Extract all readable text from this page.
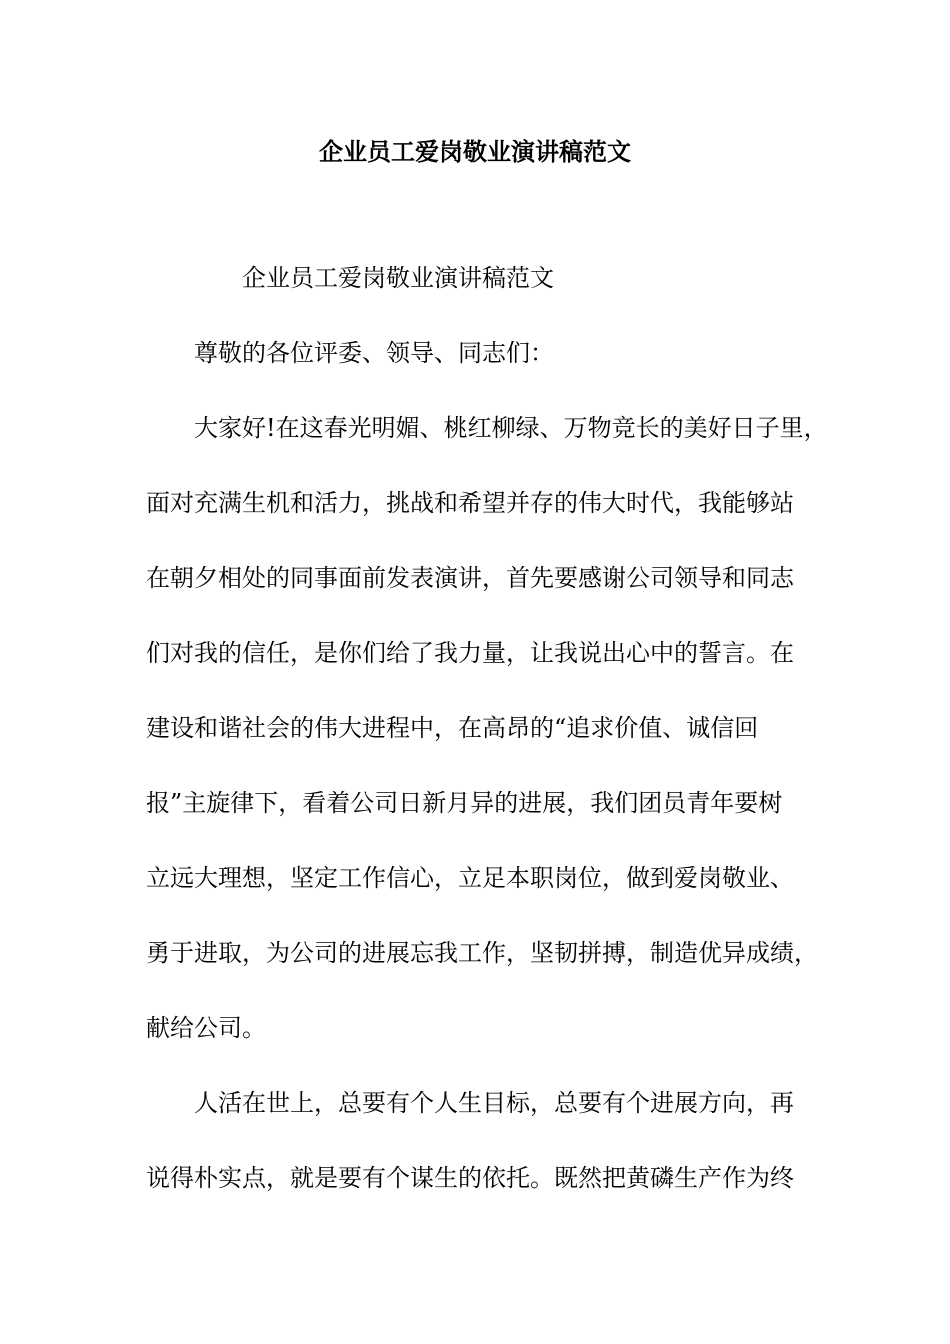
企业员工爱岗敬业演讲稿范文
企业员工爱岗敬业演讲稿范文
尊敬的各位评委、领导、同志们：
大家好!在这春光明媚、桃红柳绿、万物竞长的美好日子里，
面对充满生机和活力，挑战和希望并存的伟大时代，我能够站
在朝夕相处的同事面前发表演讲，首先要感谢公司领导和同志
们对我的信任，是你们给了我力量，让我说出心中的誓言。在
建设和谐社会的伟大进程中，在高昂的“追求价值、诚信回
报”主旋律下，看着公司日新月异的进展，我们团员青年要树
立远大理想，坚定工作信心，立足本职岗位，做到爱岗敬业、
勇于进取，为公司的进展忘我工作，坚韧拼搏，制造优异成绩，
献给公司。
人活在世上，总要有个人生目标，总要有个进展方向，再
说得朴实点，就是要有个谋生的依托。既然把黄磷生产作为终
